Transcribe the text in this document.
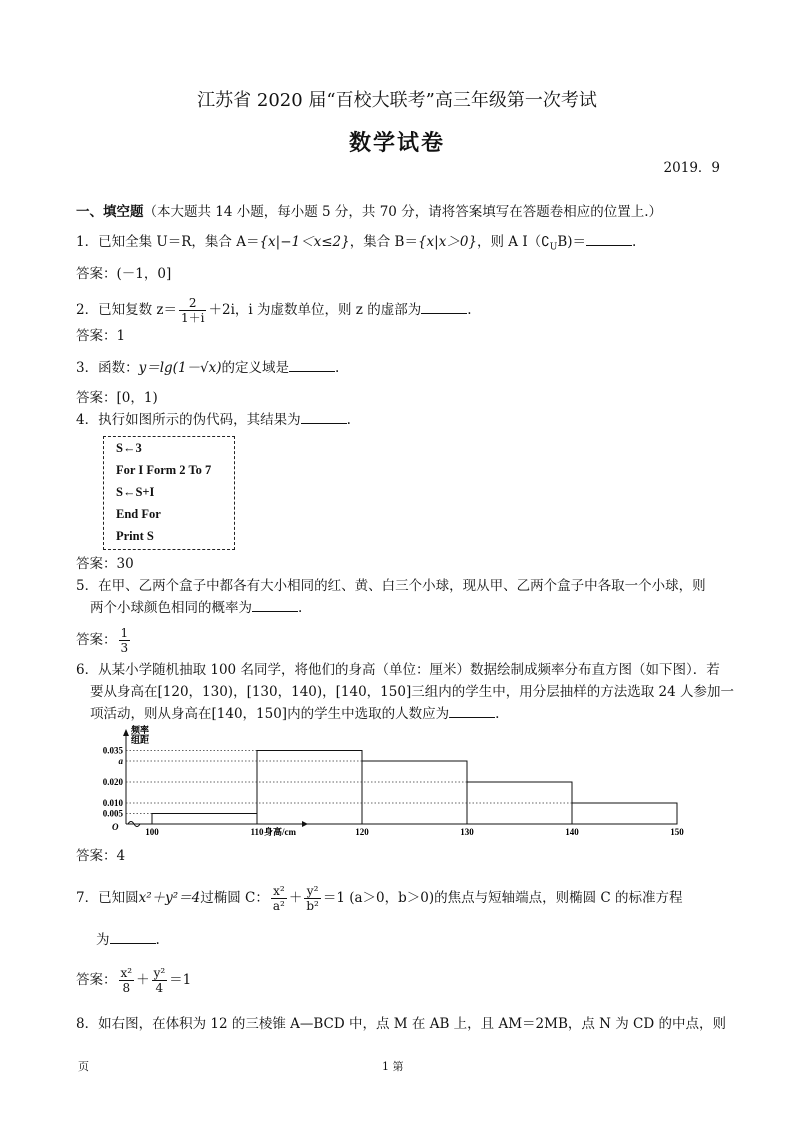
江苏省 2020 届“百校大联考”高三年级第一次考试
数学试卷
2019．9
一、填空题（本大题共 14 小题，每小题 5 分，共 70 分，请将答案填写在答题卷相应的位置上.）
1．已知全集 U＝R，集合 A＝{x|−1＜x≤2}，集合 B＝{x|x＞0}，则 A $I(∁_UB)=$	.
答案：(－1，0]
2．已知复数 $z= \frac{2}{1+i} +2i$，i 为虚数单位，则 z 的虚部为	.
答案：1
3．函数：y＝lg(1－√x)的定义域是	.
答案：[0，1)
4．执行如图所示的伪代码，其结果为	.
S←3
For I Form 2 To 7
S←S+I
End For
Print S
答案：30
5．在甲、乙两个盒子中都各有大小相同的红、黄、白三个小球，现从甲、乙两个盒子中各取一个小球，则
两个小球颜色相同的概率为	.
答案： $\frac{1}{3}$
6．从某小学随机抽取 100 名同学，将他们的身高（单位：厘米）数据绘制成频率分布直方图（如下图）．若
要从身高在[120，130)，[130，140)，[140，150]三组内的学生中，用分层抽样的方法选取 24 人参加一
项活动，则从身高在[140，150]内的学生中选取的人数应为	.
0.035
a
0.020
0.010
0.005
100	110	120	130	140	150
O	身高/cm
频率
组距
答案：4
7．已知圆x²＋y²＝4过椭圆 C： $\frac{\text{x²}}{\text{a²}} + \frac{\text{y²}}{\text{b²}} =1$ (a＞0，b＞0)的焦点与短轴端点，则椭圆 C 的标准方程
为	.
答案： $\frac{\text{x²}}{8} + \frac{\text{y²}}{4} =1$
8．如右图，在体积为 12 的三棱锥 A—BCD 中，点 M 在 AB 上，且 AM＝2MB，点 N 为 CD 的中点，则
页	1 第
